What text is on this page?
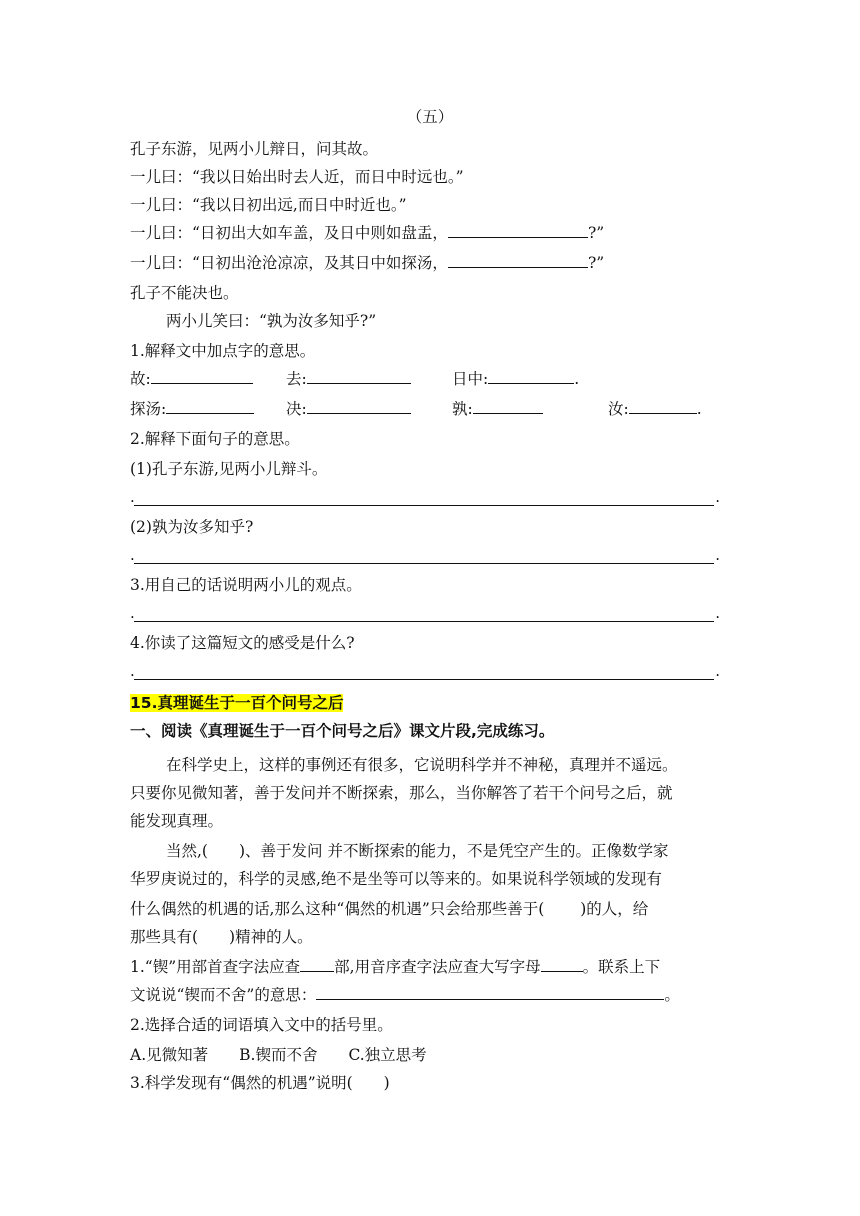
（五）
孔子东游，见两小儿辩日，问其故。
一儿曰：“我以日始出时去人近，而日中时远也。”
一儿曰：“我以日初出远,而日中时近也。”
一儿曰：“日初出大如车盖，及日中则如盘盂，	?”
一儿曰：“日初出沧沧凉凉，及其日中如探汤，	?”
孔子不能决也。
两小儿笑曰：“孰为汝多知乎?”
1.解释文中加点字的意思。
故:	去:	日中:	.
探汤:	决:	孰:	汝:	.
2.解释下面句子的意思。
(1)孔子东游,见两小儿辩斗。
.	.
(2)孰为汝多知乎?
.	.
3.用自己的话说明两小儿的观点。
.	.
4.你读了这篇短文的感受是什么?
.	.
15.真理诞生于一百个问号之后
一、阅读《真理诞生于一百个问号之后》课文片段,完成练习。
在科学史上，这样的事例还有很多，它说明科学并不神秘，真理并不遥远。
只要你见微知著，善于发问并不断探索，那么，当你解答了若干个问号之后，就
能发现真理。
当然,(　　)、善于发问 并不断探索的能力，不是凭空产生的。正像数学家
华罗庚说过的，科学的灵感,绝不是坐等可以等来的。如果说科学领域的发现有
什么偶然的机遇的话,那么这种“偶然的机遇”只会给那些善于(　　 )的人，给
那些具有(　　)精神的人。
1.“锲”用部首查字法应查 部,用音序查字法应查大写字母	。联系上下
文说说“锲而不舍”的意思：	。
2.选择合适的词语填入文中的括号里。
A.见微知著　　B.锲而不舍　　C.独立思考
3.科学发现有“偶然的机遇”说明(　　)
